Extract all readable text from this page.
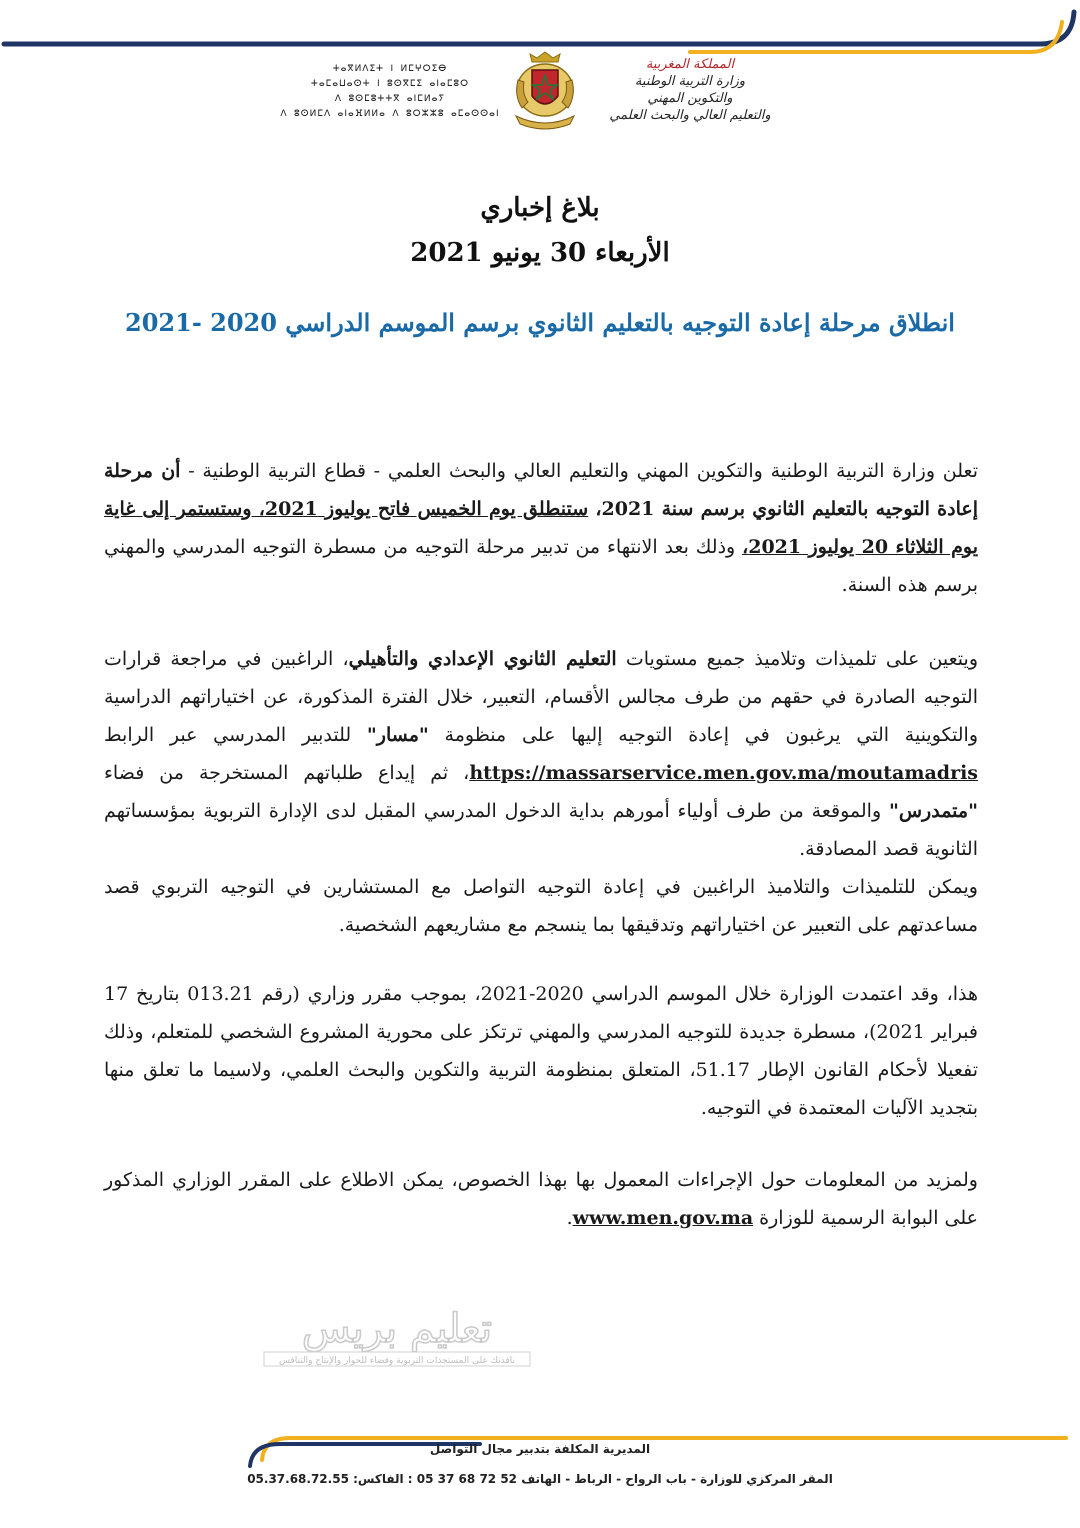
ⵜⴰⴳⵍⴷⵉⵜ ⵏ ⵍⵎⵖⵔⵉⴱ
ⵜⴰⵎⴰⵡⴰⵙⵜ ⵏ ⵓⵙⴳⵎⵉ ⴰⵏⴰⵎⵓⵔ
ⴷ ⵓⵙⵎⵓⵜⵜⴳ ⴰⵏⵎⵍⴰⵢ
ⴷ ⵓⵙⵍⵎⴷ ⴰⵏⴰⴼⵍⵍⴰ ⴷ ⵓⵔⵣⵣⵓ ⴰⵎⴰⵙⵙⴰⵏ
المملكة المغربية
وزارة التربية الوطنية
والتكوين المهني
والتعليم العالي والبحث العلمي
بلاغ إخباري
الأربعاء 30 يونيو 2021
انطلاق مرحلة إعادة التوجيه بالتعليم الثانوي برسم الموسم الدراسي 2020 -2021
تعلن وزارة التربية الوطنية والتكوين المهني والتعليم العالي والبحث العلمي - قطاع التربية الوطنية - أن مرحلة إعادة التوجيه بالتعليم الثانوي برسم سنة 2021، ستنطلق يوم الخميس فاتح يوليوز 2021، وستستمر إلى غاية يوم الثلاثاء 20 يوليوز 2021، وذلك بعد الانتهاء من تدبير مرحلة التوجيه من مسطرة التوجيه المدرسي والمهني برسم هذه السنة.
ويتعين على تلميذات وتلاميذ جميع مستويات التعليم الثانوي الإعدادي والتأهيلي، الراغبين في مراجعة قرارات التوجيه الصادرة في حقهم من طرف مجالس الأقسام، التعبير، خلال الفترة المذكورة، عن اختياراتهم الدراسية والتكوينية التي يرغبون في إعادة التوجيه إليها على منظومة "مسار" للتدبير المدرسي عبر الرابط https://massarservice.men.gov.ma/moutamadris، ثم إيداع طلباتهم المستخرجة من فضاء "متمدرس" والموقعة من طرف أولياء أمورهم بداية الدخول المدرسي المقبل لدى الإدارة التربوية بمؤسساتهم الثانوية قصد المصادقة.
ويمكن للتلميذات والتلاميذ الراغبين في إعادة التوجيه التواصل مع المستشارين في التوجيه التربوي قصد مساعدتهم على التعبير عن اختياراتهم وتدقيقها بما ينسجم مع مشاريعهم الشخصية.
هذا، وقد اعتمدت الوزارة خلال الموسم الدراسي 2020-2021، بموجب مقرر وزاري (رقم 013.21 بتاريخ 17 فبراير 2021)، مسطرة جديدة للتوجيه المدرسي والمهني ترتكز على محورية المشروع الشخصي للمتعلم، وذلك تفعيلا لأحكام القانون الإطار 51.17، المتعلق بمنظومة التربية والتكوين والبحث العلمي، ولاسيما ما تعلق منها بتجديد الآليات المعتمدة في التوجيه.
ولمزيد من المعلومات حول الإجراءات المعمول بها بهذا الخصوص، يمكن الاطلاع على المقرر الوزاري المذكور على البوابة الرسمية للوزارة www.men.gov.ma.
تعليم بريس
نافذتك على المستجدات التربوية وفضاء للحوار والإنتاج والتنافس
المديرية المكلفة بتدبير مجال التواصل
المقر المركزي للوزارة - باب الرواح - الرباط - الهاتف 52 72 68 37 05 : الفاكس: 05.37.68.72.55
